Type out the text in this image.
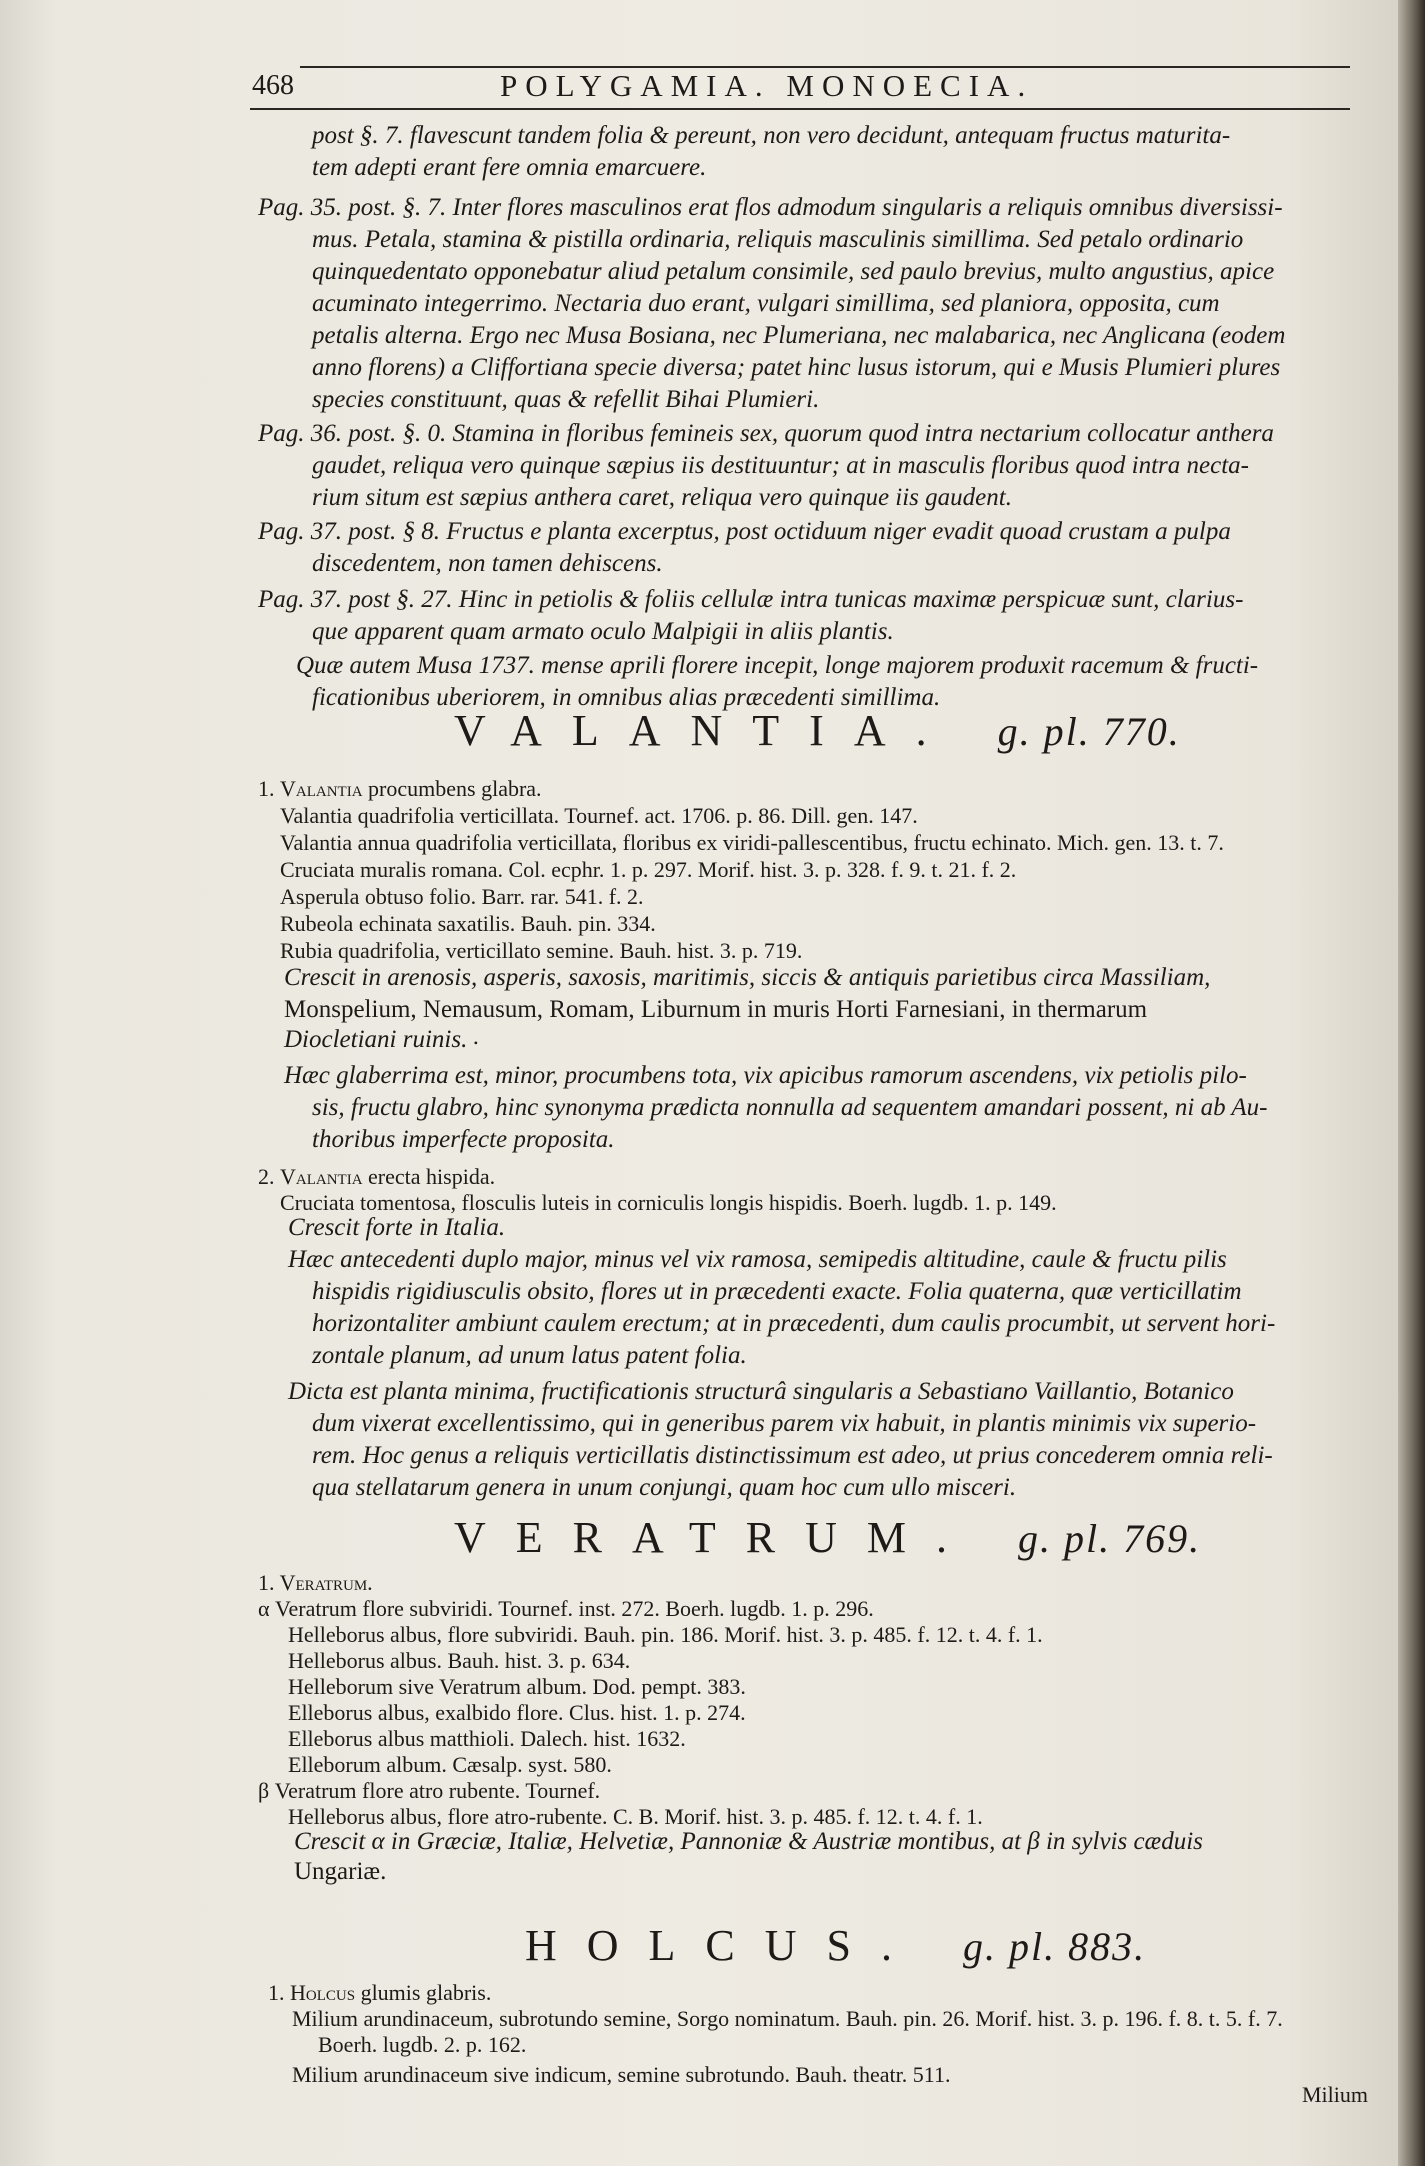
468	POLYGAMIA. MONOECIA.
post §. 7. flavescunt tandem folia & pereunt, non vero decidunt, antequam fructus maturita-
tem adepti erant fere omnia emarcuere.
Pag. 35. post. §. 7. Inter flores masculinos erat flos admodum singularis a reliquis omnibus diversissi-
mus. Petala, stamina & pistilla ordinaria, reliquis masculinis simillima. Sed petalo ordinario
quinquedentato opponebatur aliud petalum consimile, sed paulo brevius, multo angustius, apice
acuminato integerrimo. Nectaria duo erant, vulgari simillima, sed planiora, opposita, cum
petalis alterna. Ergo nec Musa Bosiana, nec Plumeriana, nec malabarica, nec Anglicana (eodem
anno florens) a Cliffortiana specie diversa; patet hinc lusus istorum, qui e Musis Plumieri plures
species constituunt, quas & refellit Bihai Plumieri.
Pag. 36. post. §. 0. Stamina in floribus femineis sex, quorum quod intra nectarium collocatur anthera
gaudet, reliqua vero quinque sæpius iis destituuntur; at in masculis floribus quod intra necta-
rium situm est sæpius anthera caret, reliqua vero quinque iis gaudent.
Pag. 37. post. § 8. Fructus e planta excerptus, post octiduum niger evadit quoad crustam a pulpa
discedentem, non tamen dehiscens.
Pag. 37. post §. 27. Hinc in petiolis & foliis cellulæ intra tunicas maximæ perspicuæ sunt, clarius-
que apparent quam armato oculo Malpigii in aliis plantis.
Quæ autem Musa 1737. mense aprili florere incepit, longe majorem produxit racemum & fructi-
ficationibus uberiorem, in omnibus alias præcedenti simillima.
VALANTIA. g. pl. 770.
1. Valantia procumbens glabra.
Valantia quadrifolia verticillata. Tournef. act. 1706. p. 86. Dill. gen. 147.
Valantia annua quadrifolia verticillata, floribus ex viridi-pallescentibus, fructu echinato. Mich. gen. 13. t. 7.
Cruciata muralis romana. Col. ecphr. 1. p. 297. Morif. hist. 3. p. 328. f. 9. t. 21. f. 2.
Asperula obtuso folio. Barr. rar. 541. f. 2.
Rubeola echinata saxatilis. Bauh. pin. 334.
Rubia quadrifolia, verticillato semine. Bauh. hist. 3. p. 719.
Crescit in arenosis, asperis, saxosis, maritimis, siccis & antiquis parietibus circa Massiliam,
Monspelium, Nemausum, Romam, Liburnum in muris Horti Farnesiani, in thermarum
Diocletiani ruinis. •
Hæc glaberrima est, minor, procumbens tota, vix apicibus ramorum ascendens, vix petiolis pilo-
sis, fructu glabro, hinc synonyma prædicta nonnulla ad sequentem amandari possent, ni ab Au-
thoribus imperfecte proposita.
2. Valantia erecta hispida.
Cruciata tomentosa, flosculis luteis in corniculis longis hispidis. Boerh. lugdb. 1. p. 149.
Crescit forte in Italia.
Hæc antecedenti duplo major, minus vel vix ramosa, semipedis altitudine, caule & fructu pilis
hispidis rigidiusculis obsito, flores ut in præcedenti exacte. Folia quaterna, quæ verticillatim
horizontaliter ambiunt caulem erectum; at in præcedenti, dum caulis procumbit, ut servent hori-
zontale planum, ad unum latus patent folia.
Dicta est planta minima, fructificationis structurâ singularis a Sebastiano Vaillantio, Botanico
dum vixerat excellentissimo, qui in generibus parem vix habuit, in plantis minimis vix superio-
rem. Hoc genus a reliquis verticillatis distinctissimum est adeo, ut prius concederem omnia reli-
qua stellatarum genera in unum conjungi, quam hoc cum ullo misceri.
VERATRUM. g. pl. 769.
1. Veratrum.
α Veratrum flore subviridi. Tournef. inst. 272. Boerh. lugdb. 1. p. 296.
Helleborus albus, flore subviridi. Bauh. pin. 186. Morif. hist. 3. p. 485. f. 12. t. 4. f. 1.
Helleborus albus. Bauh. hist. 3. p. 634.
Helleborum sive Veratrum album. Dod. pempt. 383.
Elleborus albus, exalbido flore. Clus. hist. 1. p. 274.
Elleborus albus matthioli. Dalech. hist. 1632.
Elleborum album. Cæsalp. syst. 580.
β Veratrum flore atro rubente. Tournef.
Helleborus albus, flore atro-rubente. C. B. Morif. hist. 3. p. 485. f. 12. t. 4. f. 1.
Crescit α in Græciæ, Italiæ, Helvetiæ, Pannoniæ & Austriæ montibus, at β in sylvis cæduis
Ungariæ.
HOLCUS. g. pl. 883.
1. Holcus glumis glabris.
Milium arundinaceum, subrotundo semine, Sorgo nominatum. Bauh. pin. 26. Morif. hist. 3. p. 196. f. 8. t. 5. f. 7.
Boerh. lugdb. 2. p. 162.
Milium arundinaceum sive indicum, semine subrotundo. Bauh. theatr. 511.
Milium
